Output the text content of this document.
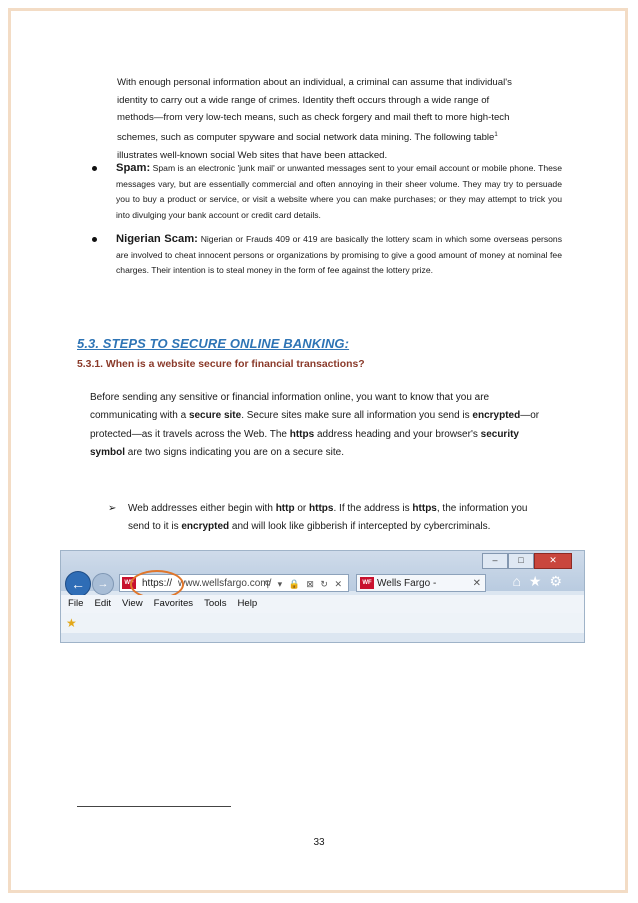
With enough personal information about an individual, a criminal can assume that individual's
identity to carry out a wide range of crimes. Identity theft occurs through a wide range of
methods—from very low-tech means, such as check forgery and mail theft to more high-tech
schemes, such as computer spyware and social network data mining. The following table$^1$
illustrates well-known social Web sites that have been attacked.
Spam: Spam is an electronic 'junk mail' or unwanted messages sent to your email account or mobile phone. These messages vary, but are essentially commercial and often annoying in their sheer volume. They may try to persuade you to buy a product or service, or visit a website where you can make purchases; or they may attempt to trick you into divulging your bank account or credit card details.
Nigerian Scam: Nigerian or Frauds 409 or 419 are basically the lottery scam in which some overseas persons are involved to cheat innocent persons or organizations by promising to give a good amount of money at nominal fee charges. Their intention is to steal money in the form of fee against the lottery prize.
5.3. STEPS TO SECURE ONLINE BANKING:
5.3.1. When is a website secure for financial transactions?
Before sending any sensitive or financial information online, you want to know that you are communicating with a secure site. Secure sites make sure all information you send is encrypted—or protected—as it travels across the Web. The https address heading and your browser's security symbol are two signs indicating you are on a secure site.
➢ Web addresses either begin with http or https. If the address is https, the information you send to it is encrypted and will look like gibberish if intercepted by cybercriminals.
–	□	✕
←	→	WF https:// www.wellsfargo.com/
⚲ ▾ 🔒 ⊠ ↻ ✕	WF Wells Fargo -	✕ ⌂★⚙
File Edit View Favorites Tools Help
★
33
